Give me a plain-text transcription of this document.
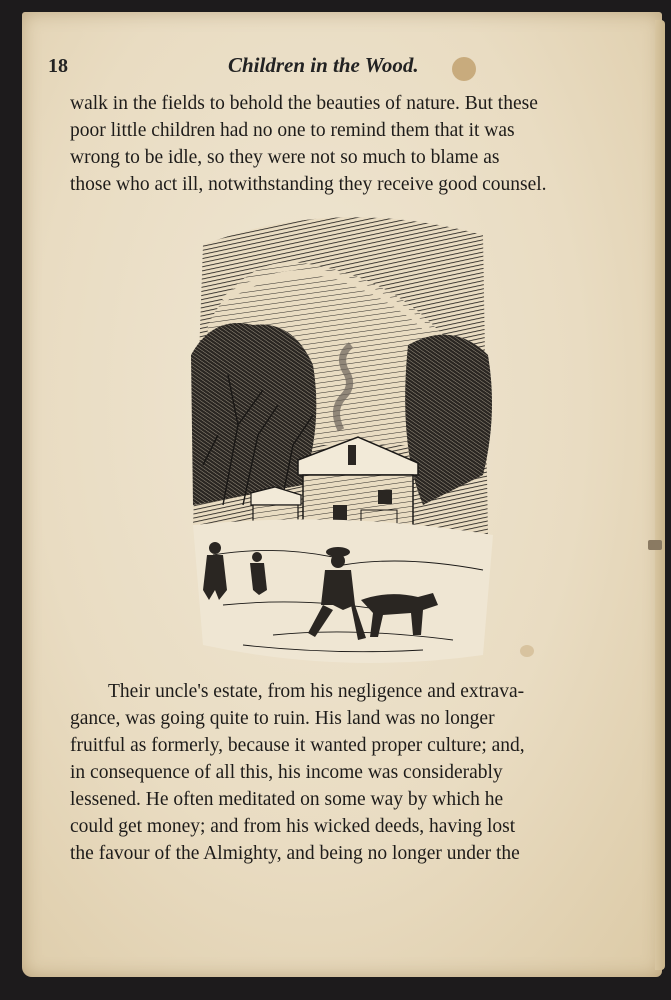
18	Children in the Wood.
walk in the fields to behold the beauties of nature. But these
poor little children had no one to remind them that it was
wrong to be idle, so they were not so much to blame as
those who act ill, notwithstanding they receive good counsel.
Their uncle's estate, from his negligence and extrava-
gance, was going quite to ruin. His land was no longer
fruitful as formerly, because it wanted proper culture; and,
in consequence of all this, his income was considerably
lessened. He often meditated on some way by which he
could get money; and from his wicked deeds, having lost
the favour of the Almighty, and being no longer under the
